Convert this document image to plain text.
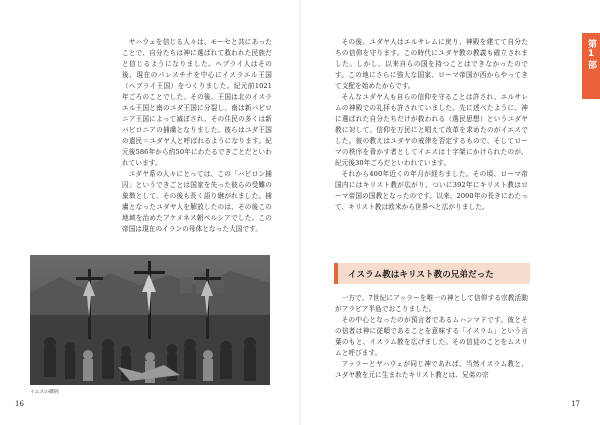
ヤハウェを信じる人々は、モーセと共にあったことで、自分たちは神に選ばれて救われた民族だと信じるようになりました。ヘブライ人はその後、現在のパレスチナを中心にイスラエル王国（ヘブライ王国）をつくりました。紀元前1021年ごろのことでした。その後、王国は北のイスラエル王国と南のユダ王国に分裂し、南は新バビロニア王国によって滅ぼされ、その住民の多くは新バビロニアの捕虜となりました。彼らはユダ王国の遺民＝ユダヤ人と呼ばれるようになります。紀元後586年から約50年にわたるできごとだといわれています。

ユダヤ系の人々にとっては、この「バビロン捕囚」というできごとは国家を失った彼らの受難の象徴として、その後も長く語り継がれました。捕虜となったユダヤ人を解放したのは、その後この地域を治めたアケメネス朝ペルシアでした。この帝国は現在のイランの母体となった大国です。

イエスの磔刑
16

その後、ユダヤ人はエルサレムに戻り、神殿を建てて自分たちの信仰を守ります。この時代にユダヤ教の教義も確立されました。しかし、以来自らの国を持つことはできなかったのです。この地にさらに強大な国家、ローマ帝国が西からやってきて支配を始めたからです。

そんなユダヤ人も自らの信仰を守ることは許され、エルサレムの神殿での礼拝も許されていました。先に述べたように、神に選ばれた自分たちだけが救われる（選民思想）というユダヤ教に対して、信仰を万民にと唱えて改革を求めたのがイエスでした。彼の教えはユダヤの戒律を否定するもので、そしてローマの秩序を脅かす者としてイエスは十字架にかけられたのが、紀元後30年ごろだといわれています。

それから400年近くの年月が経ちました。その頃、ローマ帝国内にはキリスト教が広がり、ついに392年にキリスト教はローマ帝国の国教となったのです。以来、2000年の長きにわたって、キリスト教は欧米から世界へと広がりました。

イスラム教はキリスト教の兄弟だった

一方で、7世紀にアッラーを唯一の神として信仰する宗教活動がアラビア半島でおこりました。

その中心となったのが預言者であるムハンマドです。彼とその信者は神に従順であることを意味する「イスラム」という言葉のもと、イスラム教を広げました。その信徒のことをムスリムと呼びます。

アッラーとヤハウェが同じ神であれば、当然イスラム教と、ユダヤ教を元に生まれたキリスト教とは、兄弟の宗

17
第1部
